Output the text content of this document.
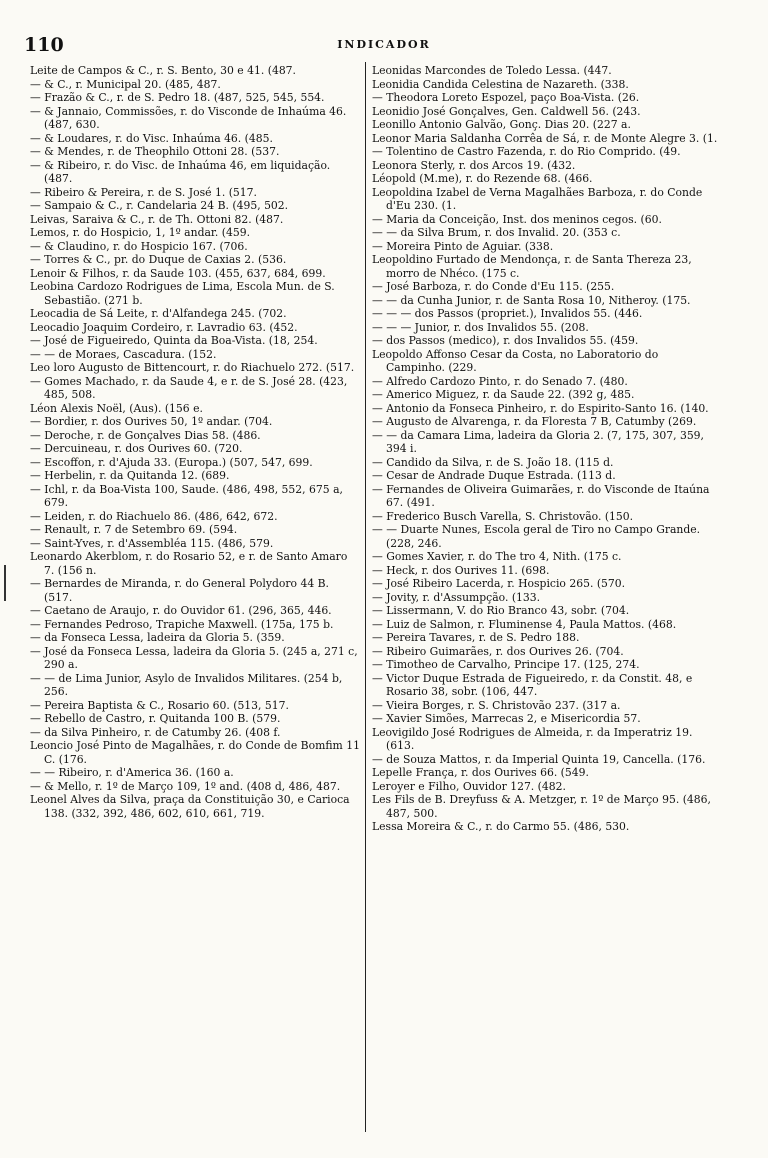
110	INDICADOR

Leite de Campos & C., r. S. Bento, 30 e 41. (487.

— & C., r. Municipal 20. (485, 487.

— Frazão & C., r. de S. Pedro 18. (487, 525, 545, 554.

— & Jannaio, Commissões, r. do Visconde de Inhaúma 46. (487, 630.

— & Loudares, r. do Visc. Inhaúma 46. (485.

— & Mendes, r. de Theophilo Ottoni 28. (537.

— & Ribeiro, r. do Visc. de Inhaúma 46, em liquidação. (487.

— Ribeiro & Pereira, r. de S. José 1. (517.

— Sampaio & C., r. Candelaria 24 B. (495, 502.

Leivas, Saraiva & C., r. de Th. Ottoni 82. (487.

Lemos, r. do Hospicio, 1, 1º andar. (459.

— & Claudino, r. do Hospicio 167. (706.

— Torres & C., pr. do Duque de Caxias 2. (536.

Lenoir & Filhos, r. da Saude 103. (455, 637, 684, 699.

Leobina Cardozo Rodrigues de Lima, Escola Mun. de S. Sebastião. (271 b.

Leocadia de Sá Leite, r. d'Alfandega 245. (702.

Leocadio Joaquim Cordeiro, r. Lavradio 63. (452.

— José de Figueiredo, Quinta da Boa-Vista. (18, 254.

— — de Moraes, Cascadura. (152.

Leo loro Augusto de Bittencourt, r. do Riachuelo 272. (517.

— Gomes Machado, r. da Saude 4, e r. de S. José 28. (423, 485, 508.

Léon Alexis Noël, (Aus). (156 e.

— Bordier, r. dos Ourives 50, 1º andar. (704.

— Deroche, r. de Gonçalves Dias 58. (486.

— Dercuineau, r. dos Ourives 60. (720.

— Escoffon, r. d'Ajuda 33. (Europa.) (507, 547, 699.

— Herbelin, r. da Quitanda 12. (689.

— Ichl, r. da Boa-Vista 100, Saude. (486, 498, 552, 675 a, 679.

— Leiden, r. do Riachuelo 86. (486, 642, 672.

— Renault, r. 7 de Setembro 69. (594.

— Saint-Yves, r. d'Assembléa 115. (486, 579.

Leonardo Akerblom, r. do Rosario 52, e r. de Santo Amaro 7. (156 n.

— Bernardes de Miranda, r. do General Polydoro 44 B. (517.

— Caetano de Araujo, r. do Ouvidor 61. (296, 365, 446.

— Fernandes Pedroso, Trapiche Maxwell. (175a, 175 b.

— da Fonseca Lessa, ladeira da Gloria 5. (359.

— José da Fonseca Lessa, ladeira da Gloria 5. (245 a, 271 c, 290 a.

— — de Lima Junior, Asylo de Invalidos Militares. (254 b, 256.

— Pereira Baptista & C., Rosario 60. (513, 517.

— Rebello de Castro, r. Quitanda 100 B. (579.

— da Silva Pinheiro, r. de Catumby 26. (408 f.

Leoncio José Pinto de Magalhães, r. do Conde de Bomfim 11 C. (176.

— — Ribeiro, r. d'America 36. (160 a.

— & Mello, r. 1º de Março 109, 1º and. (408 d, 486, 487.

Leonel Alves da Silva, praça da Constituição 30, e Carioca 138. (332, 392, 486, 602, 610, 661, 719.

Leonidas Marcondes de Toledo Lessa. (447.

Leonidia Candida Celestina de Nazareth. (338.

— Theodora Loreto Espozel, paço Boa-Vista. (26.

Leonidio José Gonçalves, Gen. Caldwell 56. (243.

Leonillo Antonio Galvão, Gonç. Dias 20. (227 a.

Leonor Maria Saldanha Corrêa de Sá, r. de Monte Alegre 3. (1.

— Tolentino de Castro Fazenda, r. do Rio Comprido. (49.

Leonora Sterly, r. dos Arcos 19. (432.

Léopold (M.me), r. do Rezende 68. (466.

Leopoldina Izabel de Verna Magalhães Barboza, r. do Conde d'Eu 230. (1.

— Maria da Conceição, Inst. dos meninos cegos. (60.

— — da Silva Brum, r. dos Invalid. 20. (353 c.

— Moreira Pinto de Aguiar. (338.

Leopoldino Furtado de Mendonça, r. de Santa Thereza 23, morro de Nhéco. (175 c.

— José Barboza, r. do Conde d'Eu 115. (255.

— — da Cunha Junior, r. de Santa Rosa 10, Nitheroy. (175.

— — — dos Passos (propriet.), Invalidos 55. (446.

— — — Junior, r. dos Invalidos 55. (208.

— dos Passos (medico), r. dos Invalidos 55. (459.

Leopoldo Affonso Cesar da Costa, no Laboratorio do Campinho. (229.

— Alfredo Cardozo Pinto, r. do Senado 7. (480.

— Americo Miguez, r. da Saude 22. (392 g, 485.

— Antonio da Fonseca Pinheiro, r. do Espirito-Santo 16. (140.

— Augusto de Alvarenga, r. da Floresta 7 B, Catumby (269.

— — da Camara Lima, ladeira da Gloria 2. (7, 175, 307, 359, 394 i.

— Candido da Silva, r. de S. João 18. (115 d.

— Cesar de Andrade Duque Estrada. (113 d.

— Fernandes de Oliveira Guimarães, r. do Visconde de Itaúna 67. (491.

— Frederico Busch Varella, S. Christovão. (150.

— — Duarte Nunes, Escola geral de Tiro no Campo Grande. (228, 246.

— Gomes Xavier, r. do The tro 4, Nith. (175 c.

— Heck, r. dos Ourives 11. (698.

— José Ribeiro Lacerda, r. Hospicio 265. (570.

— Jovity, r. d'Assumpção. (133.

— Lissermann, V. do Rio Branco 43, sobr. (704.

— Luiz de Salmon, r. Fluminense 4, Paula Mattos. (468.

— Pereira Tavares, r. de S. Pedro 188.

— Ribeiro Guimarães, r. dos Ourives 26. (704.

— Timotheo de Carvalho, Principe 17. (125, 274.

— Victor Duque Estrada de Figueiredo, r. da Constit. 48, e Rosario 38, sobr. (106, 447.

— Vieira Borges, r. S. Christovão 237. (317 a.

— Xavier Simões, Marrecas 2, e Misericordia 57.

Leovigildo José Rodrigues de Almeida, r. da Imperatriz 19. (613.

— de Souza Mattos, r. da Imperial Quinta 19, Cancella. (176.

Lepelle França, r. dos Ourives 66. (549.

Leroyer e Filho, Ouvidor 127. (482.

Les Fils de B. Dreyfuss & A. Metzger, r. 1º de Março 95. (486, 487, 500.

Lessa Moreira & C., r. do Carmo 55. (486, 530.
